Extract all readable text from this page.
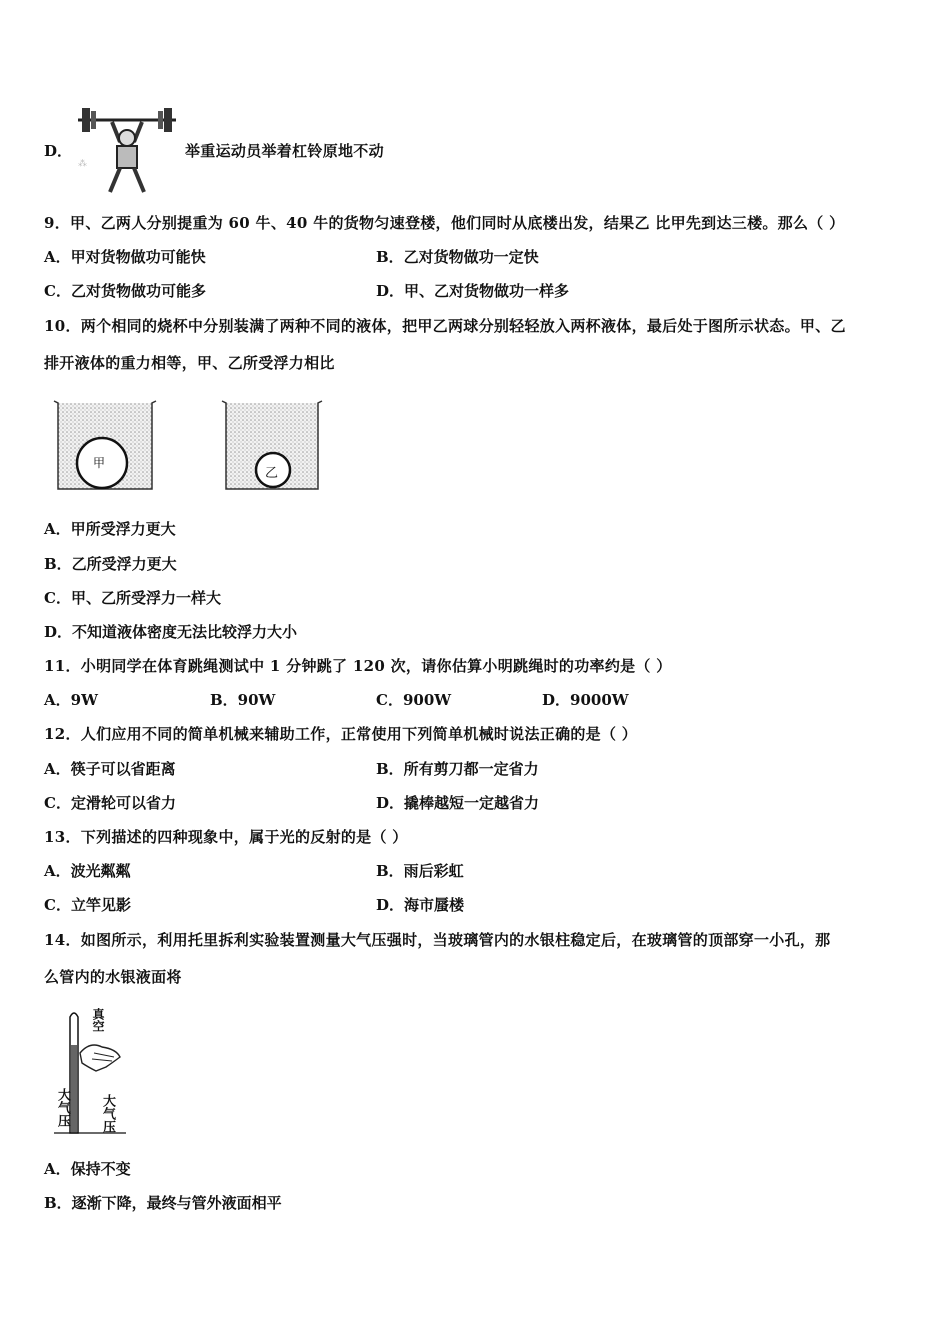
D．
⁂
举重运动员举着杠铃原地不动
9．甲、乙两人分别提重为 60 牛、40 牛的货物匀速登楼，他们同时从底楼出发，结果乙 比甲先到达三楼。那么（ ）
A．甲对货物做功可能快	B．乙对货物做功一定快
C．乙对货物做功可能多	D．甲、乙对货物做功一样多
10．两个相同的烧杯中分别装满了两种不同的液体，把甲乙两球分别轻轻放入两杯液体，最后处于图所示状态。甲、乙
排开液体的重力相等，甲、乙所受浮力相比
甲
乙
A．甲所受浮力更大
B．乙所受浮力更大
C．甲、乙所受浮力一样大
D．不知道液体密度无法比较浮力大小
11．小明同学在体育跳绳测试中 1 分钟跳了 120 次，请你估算小明跳绳时的功率约是（ ）
A．9W	B．90W	C．900W	D．9000W
12．人们应用不同的简单机械来辅助工作，正常使用下列简单机械时说法正确的是（ ）
A．筷子可以省距离	B．所有剪刀都一定省力
C．定滑轮可以省力	D．撬棒越短一定越省力
13．下列描述的四种现象中，属于光的反射的是（ ）
A．波光粼粼	B．雨后彩虹
C．立竿见影	D．海市蜃楼
14．如图所示，利用托里拆利实验装置测量大气压强时，当玻璃管内的水银柱稳定后，在玻璃管的顶部穿一小孔，那
么管内的水银液面将
真空
大气压 大气压
A．保持不变
B．逐渐下降，最终与管外液面相平
